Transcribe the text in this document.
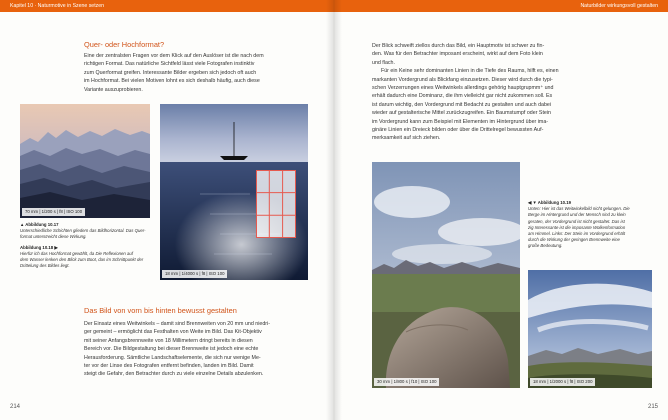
214
Quer- oder Hochformat?
Eine der zentralsten Fragen vor dem Klick auf den Auslöser ist die nach dem
richtigen Format. Das natürliche Sichtfeld lässt viele Fotografen instinktiv
zum Querformat greifen. Interessante Bilder ergeben sich jedoch oft auch
im Hochformat. Bei vielen Motiven lohnt es sich deshalb häufig, auch diese
Variante auszuprobieren.
70 mm | 1/200 s | f8 | ISO 100
18 mm | 1/4000 s | f8 | ISO 100
▲ Abbildung 10.17
Unterschiedliche Schichten gliedern das Bildhorizontal. Das Quer-
format unterstreicht diese Wirkung.
Abbildung 10.18 ▶
Hierfür ich das Hochformat gewählt, da Die Reflexionen auf
dem Wasser lenken den Blick zum Boot, das im Schnittpunkt der
Drittelung des Bildes liegt.
Das Bild von vorn bis hinten bewusst gestalten
Der Einsatz eines Weitwinkels – damit sind Brennweiten von 20 mm und niedri-
ger gemeint – ermöglicht das Festhalten von Weite im Bild. Das Kit-Objektiv
mit seiner Anfangsbrennweite von 18 Millimetern dringt bereits in diesen
Bereich vor. Die Bildgestaltung bei dieser Brennweite ist jedoch eine echte
Herausforderung. Sämtliche Landschaftselemente, die sich nur wenige Me-
ter vor der Linse des Fotografen entfernt befinden, landen im Bild. Damit
steigt die Gefahr, den Betrachter durch zu viele einzelne Details abzulenken.
215
Der Blick schweift ziellos durch das Bild, ein Hauptmotiv ist schwer zu fin-
den. Was für den Betrachter imposant erscheint, wirkt auf dem Foto klein
und flach.
Für ein Keine sehr dominanten Linien in die Tiefe des Raums, hilft es, einen
markanten Vordergrund als Blickfang einzusetzen. Dieser wird durch die typi-
schen Verzerrungen eines Weitwinkels allerdings gehörig hauptgrupmm⁺ und
erhält dadurch eine Dominanz, die ihm vielleicht gar nicht zukommen soll. Es
ist darum wichtig, den Vordergrund mit Bedacht zu gestalten und auch dabei
wieder auf gestalterische Mittel zurückzugreifen. Ein Baumstumpf oder Stein
im Vordergrund kann zum Beispiel mit Elementen im Hintergrund über ima-
ginäre Linien ein Dreieck bilden oder über die Drittelregel bewussten Auf-
merksamkeit auf sich ziehen.
30 mm | 1/800 s | f10 | ISO 100	18 mm | 1/2000 s | f8 | ISO 200
◀ ▼ Abbildung 10.19
Unten: Hier ist das Weitwinkelbild nicht gelungen. Die
Berge im Hintergrund und der Mensch sind zu klein
geraten, der Vordergrund ist nicht gestaltet. Das ist
zig Interessante ist die imposante Wolkenformation
am Himmel. Links: Der Stein im Vordergrund erhält
durch die Wirkung der geringen Brennweite eine
große Bedeutung.
Kapitel 10 · Naturmotive in Szene setzen	Naturbilder wirkungsvoll gestalten
